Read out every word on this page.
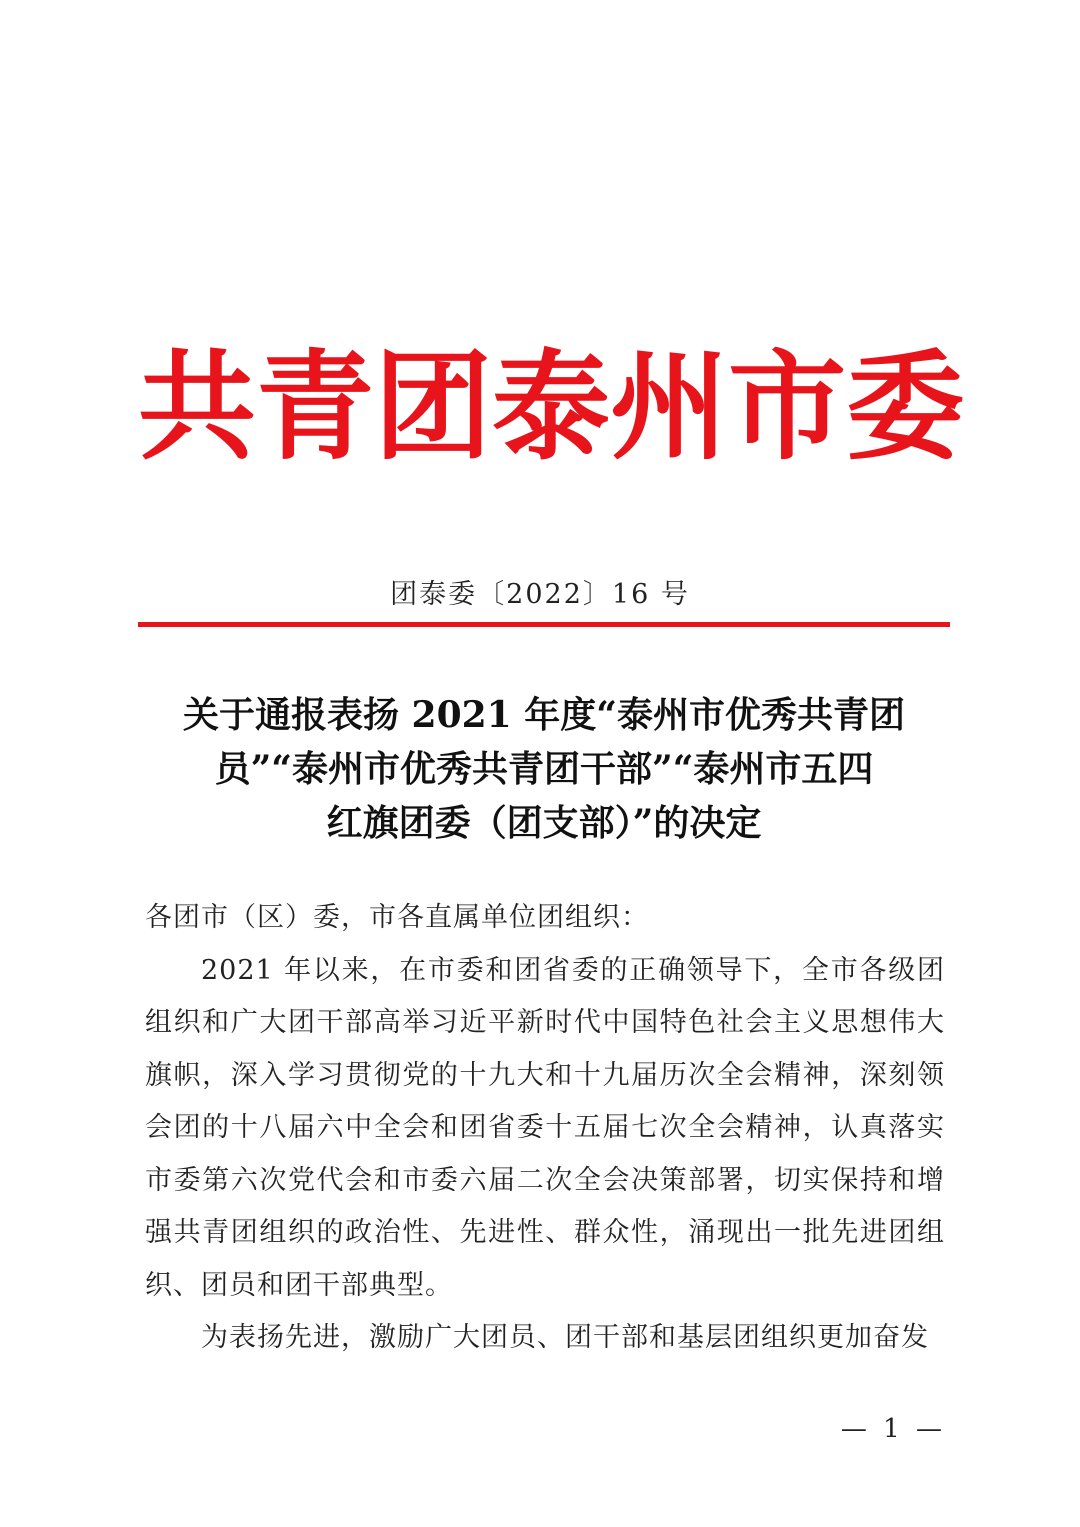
共 青 团 泰 州 市 委
团泰委〔2022〕16 号
关于通报表扬 2021 年度“泰州市优秀共青团
员”“泰州市优秀共青团干部”“泰州市五四
红旗团委（团支部）”的决定

各团市（区）委，市各直属单位团组织：

2021 年以来，在市委和团省委的正确领导下，全市各级团组织和广大团干部高举习近平新时代中国特色社会主义思想伟大旗帜，深入学习贯彻党的十九大和十九届历次全会精神，深刻领会团的十八届六中全会和团省委十五届七次全会精神，认真落实市委第六次党代会和市委六届二次全会决策部署，切实保持和增强共青团组织的政治性、先进性、群众性，涌现出一批先进团组织、团员和团干部典型。

为表扬先进，激励广大团员、团干部和基层团组织更加奋发

— 1 —
